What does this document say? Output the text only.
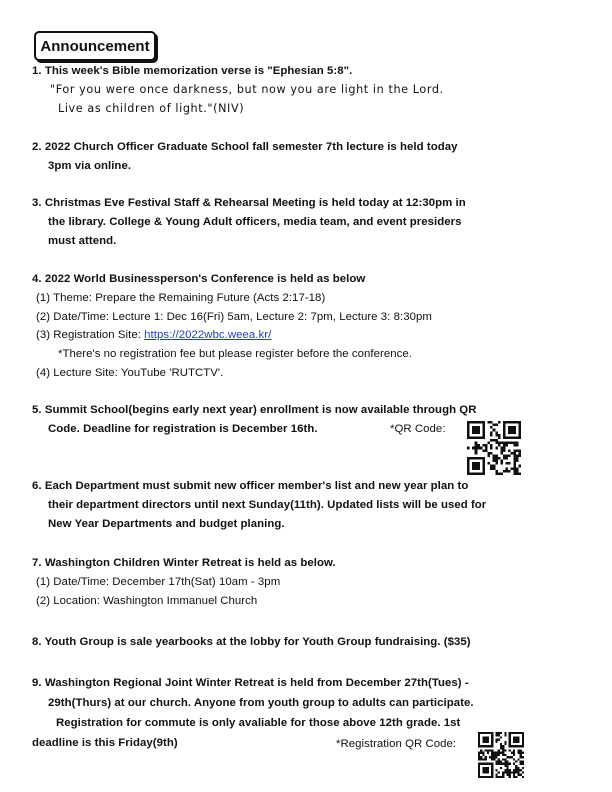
Announcement
1. This week's Bible memorization verse is "Ephesian 5:8".
"For you were once darkness, but now you are light in the Lord.
Live as children of light."(NIV)
2. 2022 Church Officer Graduate School fall semester 7th lecture is held today
3pm via online.
3. Christmas Eve Festival Staff & Rehearsal Meeting is held today at 12:30pm in
the library. College & Young Adult officers, media team, and event presiders
must attend.
4. 2022 World Businessperson's Conference is held as below
(1) Theme: Prepare the Remaining Future (Acts 2:17-18)
(2) Date/Time: Lecture 1: Dec 16(Fri) 5am, Lecture 2: 7pm, Lecture 3: 8:30pm
(3) Registration Site: https://2022wbc.weea.kr/
*There's no registration fee but please register before the conference.
(4) Lecture Site: YouTube 'RUTCTV'.
5. Summit School(begins early next year) enrollment is now available through QR
Code. Deadline for registration is December 16th.	*QR Code:
6. Each Department must submit new officer member's list and new year plan to
their department directors until next Sunday(11th). Updated lists will be used for
New Year Departments and budget planing.
7. Washington Children Winter Retreat is held as below.
(1) Date/Time: December 17th(Sat) 10am - 3pm
(2) Location: Washington Immanuel Church
8. Youth Group is sale yearbooks at the lobby for Youth Group fundraising. ($35)
9. Washington Regional Joint Winter Retreat is held from December 27th(Tues) -
29th(Thurs) at our church. Anyone from youth group to adults can participate.
Registration for commute is only avaliable for those above 12th grade. 1st
deadline is this Friday(9th)	*Registration QR Code:
